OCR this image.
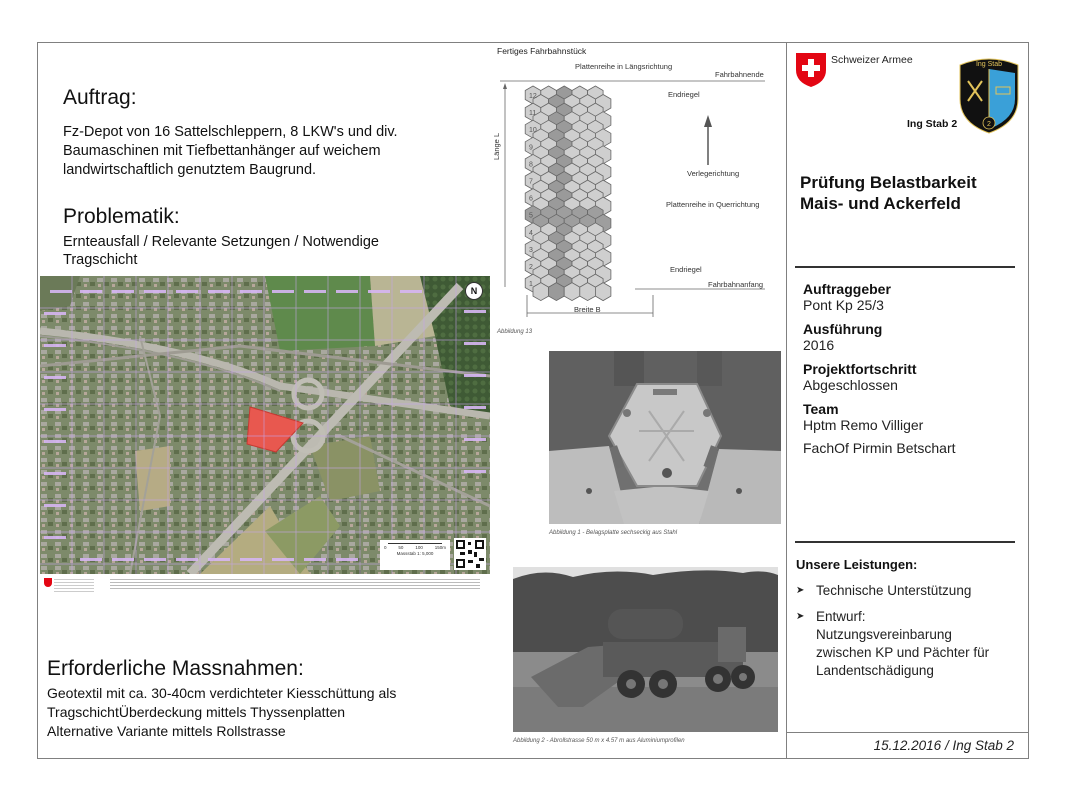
Auftrag:
Fz-Depot von 16 Sattelschleppern, 8 LKW's und div.
Baumaschinen mit Tiefbettanhänger auf weichem
landwirtschaftlich genutztem Baugrund.
Problematik:
Ernteausfall / Relevante Setzungen / Notwendige
Tragschicht
N
0	50	100	150m
Massstab 1: 5,000
Erforderliche Massnahmen:
Geotextil mit ca. 30-40cm verdichteter Kiesschüttung als
TragschichtÜberdeckung mittels Thyssenplatten
Alternative Variante mittels Rollstrasse
Fertiges Fahrbahnstück
12
11
10
9
8
7
6
5
4
3
2
1
Plattenreihe in Längsrichtung
Fahrbahnende
Endriegel
Verlegerichtung
Plattenreihe in Querrichtung
Endriegel
Fahrbahnanfang
Breite B
Länge L
Abbildung 13
Abbildung 1 - Belagsplatte sechseckig aus Stahl
Abbildung 2 - Abrollstrasse 50 m x 4.57 m aus Aluminiumprofilen
Schweizer Armee	Ing Stab
2
Ing Stab 2
Prüfung Belastbarkeit
Mais- und Ackerfeld
Auftraggeber
Pont Kp 25/3
Ausführung
2016
Projektfortschritt
Abgeschlossen
Team
Hptm Remo Villiger
FachOf Pirmin Betschart
Unsere Leistungen:
➤ Technische Unterstützung
➤ Entwurf:
Nutzungsvereinbarung
zwischen KP und Pächter für
Landentschädigung
15.12.2016 / Ing Stab 2
